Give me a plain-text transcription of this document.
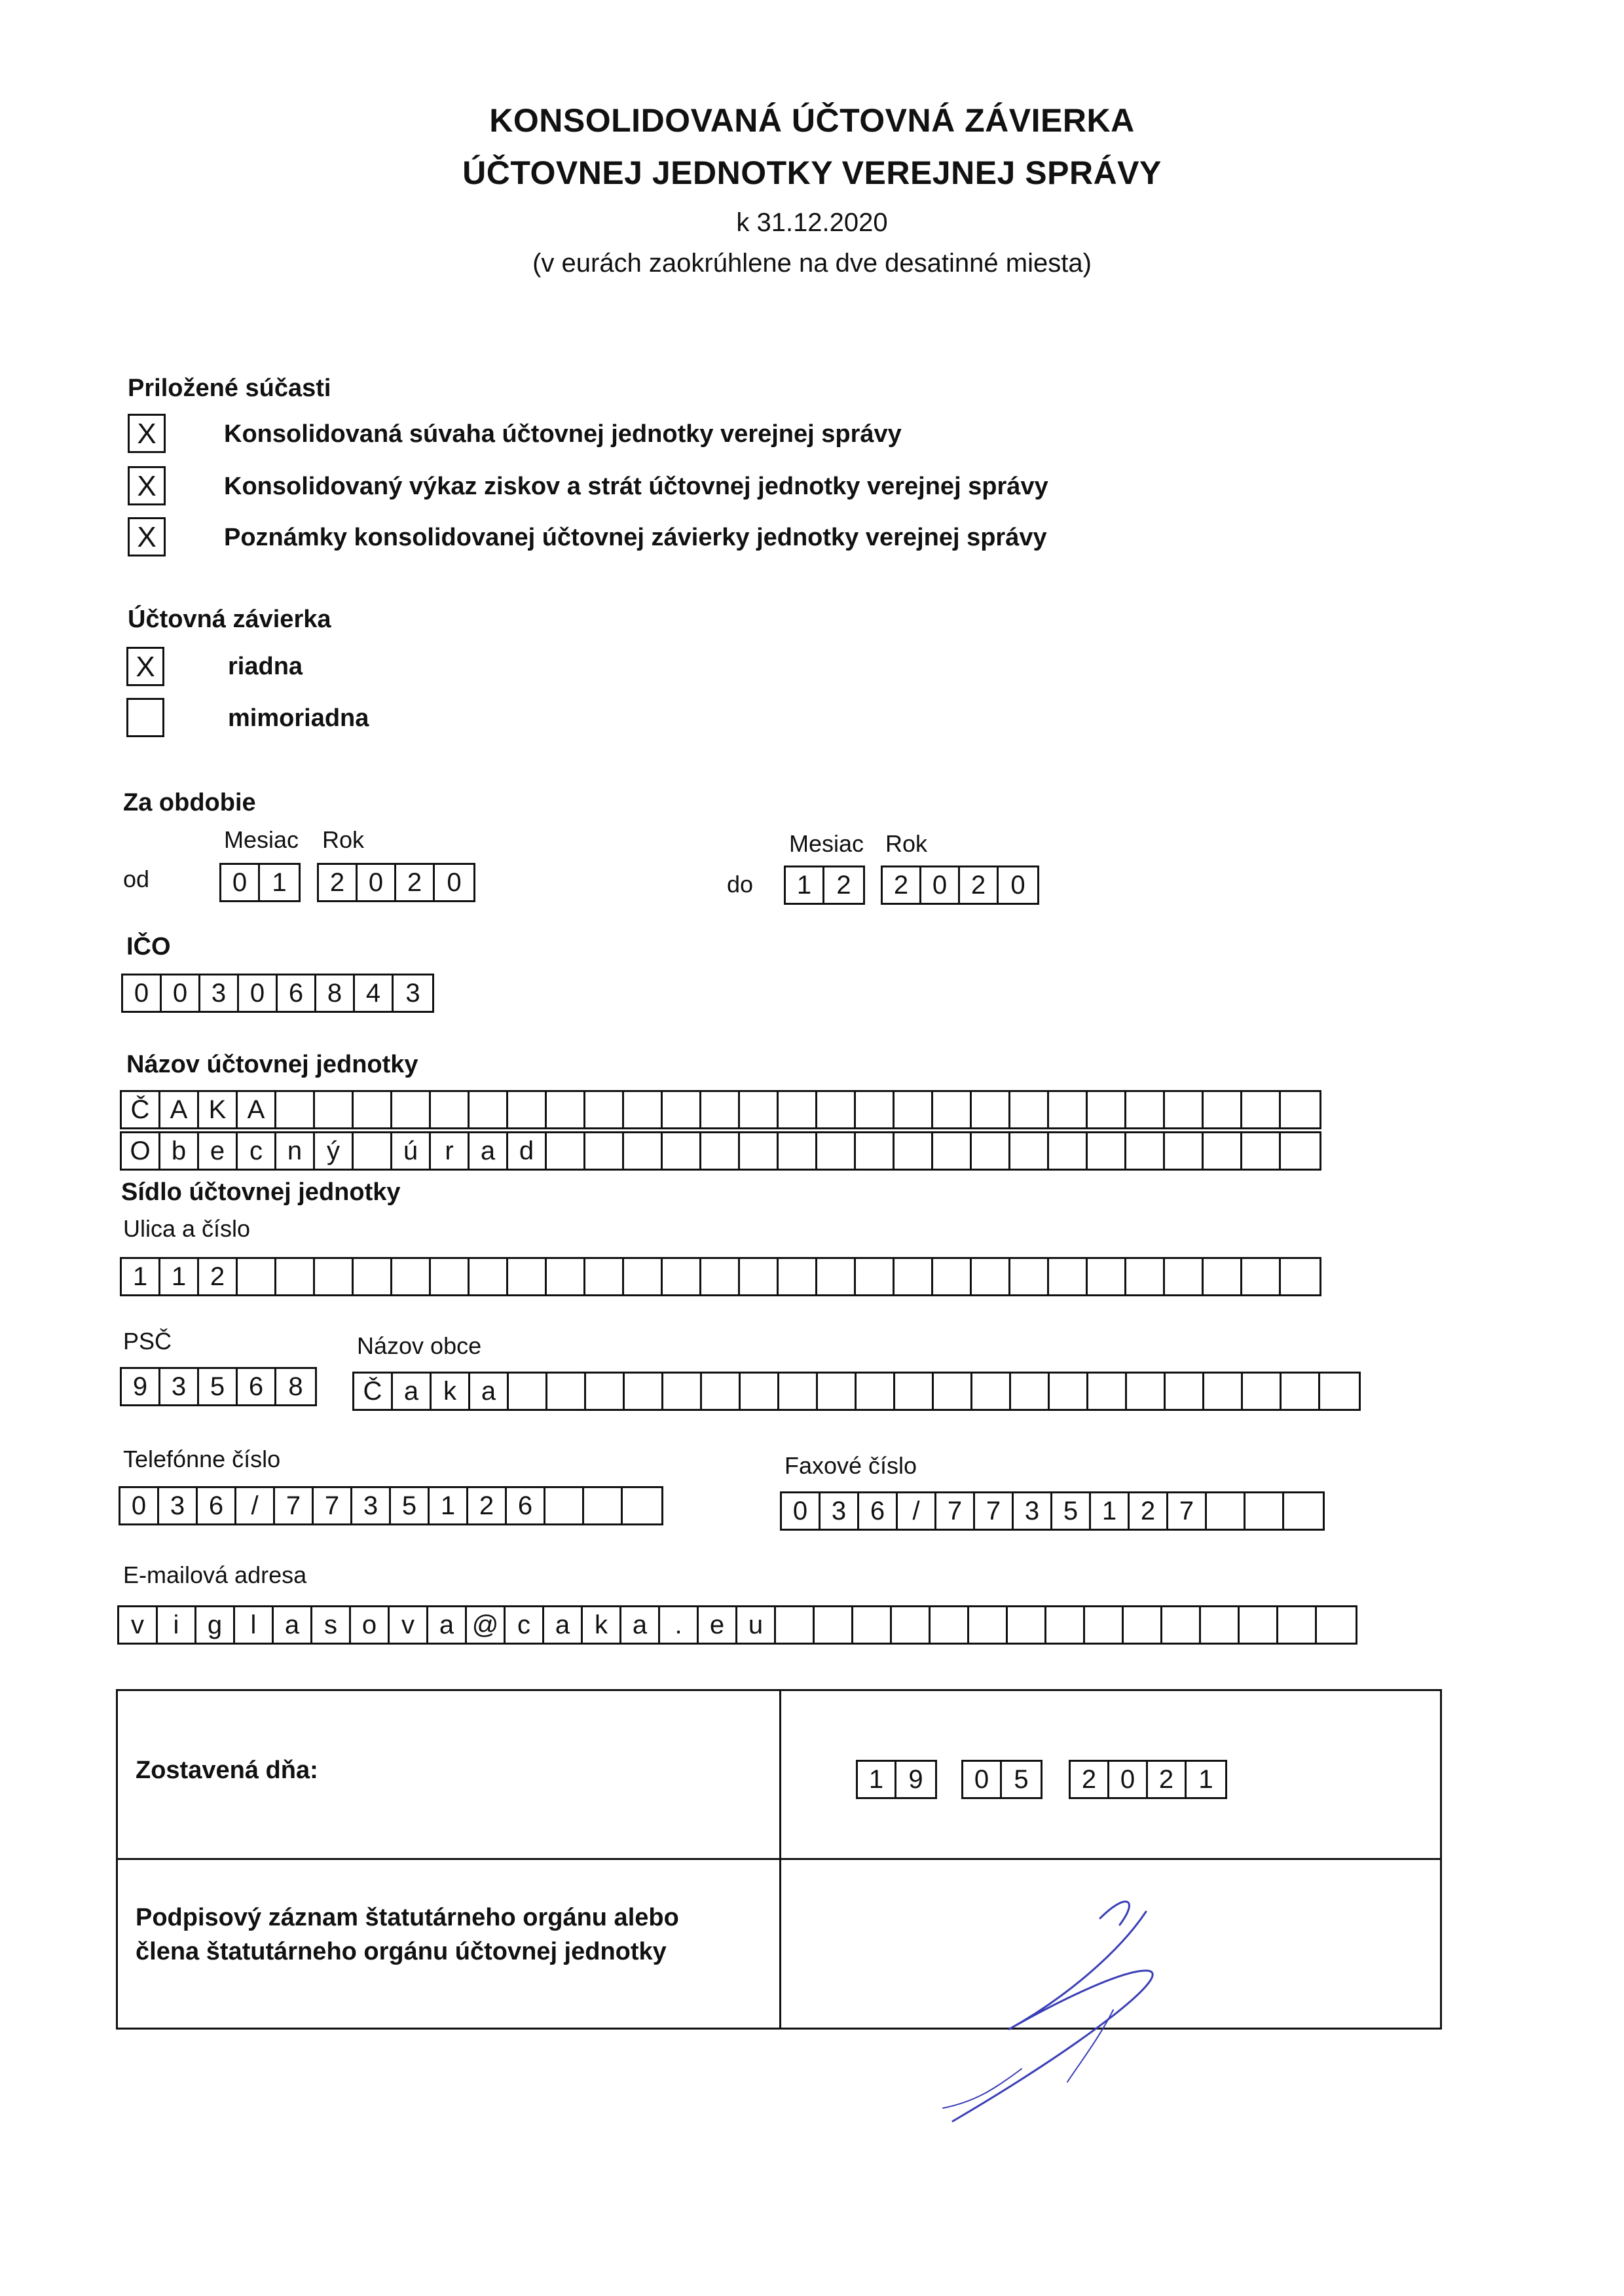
KONSOLIDOVANÁ ÚČTOVNÁ ZÁVIERKA
ÚČTOVNEJ JEDNOTKY VEREJNEJ SPRÁVY
k 31.12.2020
(v eurách zaokrúhlene na dve desatinné miesta)
Priložené súčasti
X	Konsolidovaná súvaha účtovnej jednotky verejnej správy
X	Konsolidovaný výkaz ziskov a strát účtovnej jednotky verejnej správy
X	Poznámky konsolidovanej účtovnej závierky jednotky verejnej správy
Účtovná závierka
X	riadna
mimoriadna
Za obdobie
Mesiac Rok
od	0 1	2 0 2 0
Mesiac Rok
do	1 2	2 0 2 0
IČO
0 0 3 0 6 8 4 3
Názov účtovnej jednotky
Č A K A
O b e c n ý	ú	r	a d
Sídlo účtovnej jednotky
Ulica a číslo
1 1 2
PSČ
9 3 5 6 8
Názov obce
Č a k a
Telefónne číslo
0 3 6	/	7 7 3 5 1 2 6
Faxové číslo
0 3 6	/	7 7 3 5 1 2 7
E-mailová adresa
v	i	g	l	a s o v a @ c a k a	.	e u
Zostavená dňa:	1 9	0 5	2 0 2 1
Podpisový záznam štatutárneho orgánu alebo
člena štatutárneho orgánu účtovnej jednotky
